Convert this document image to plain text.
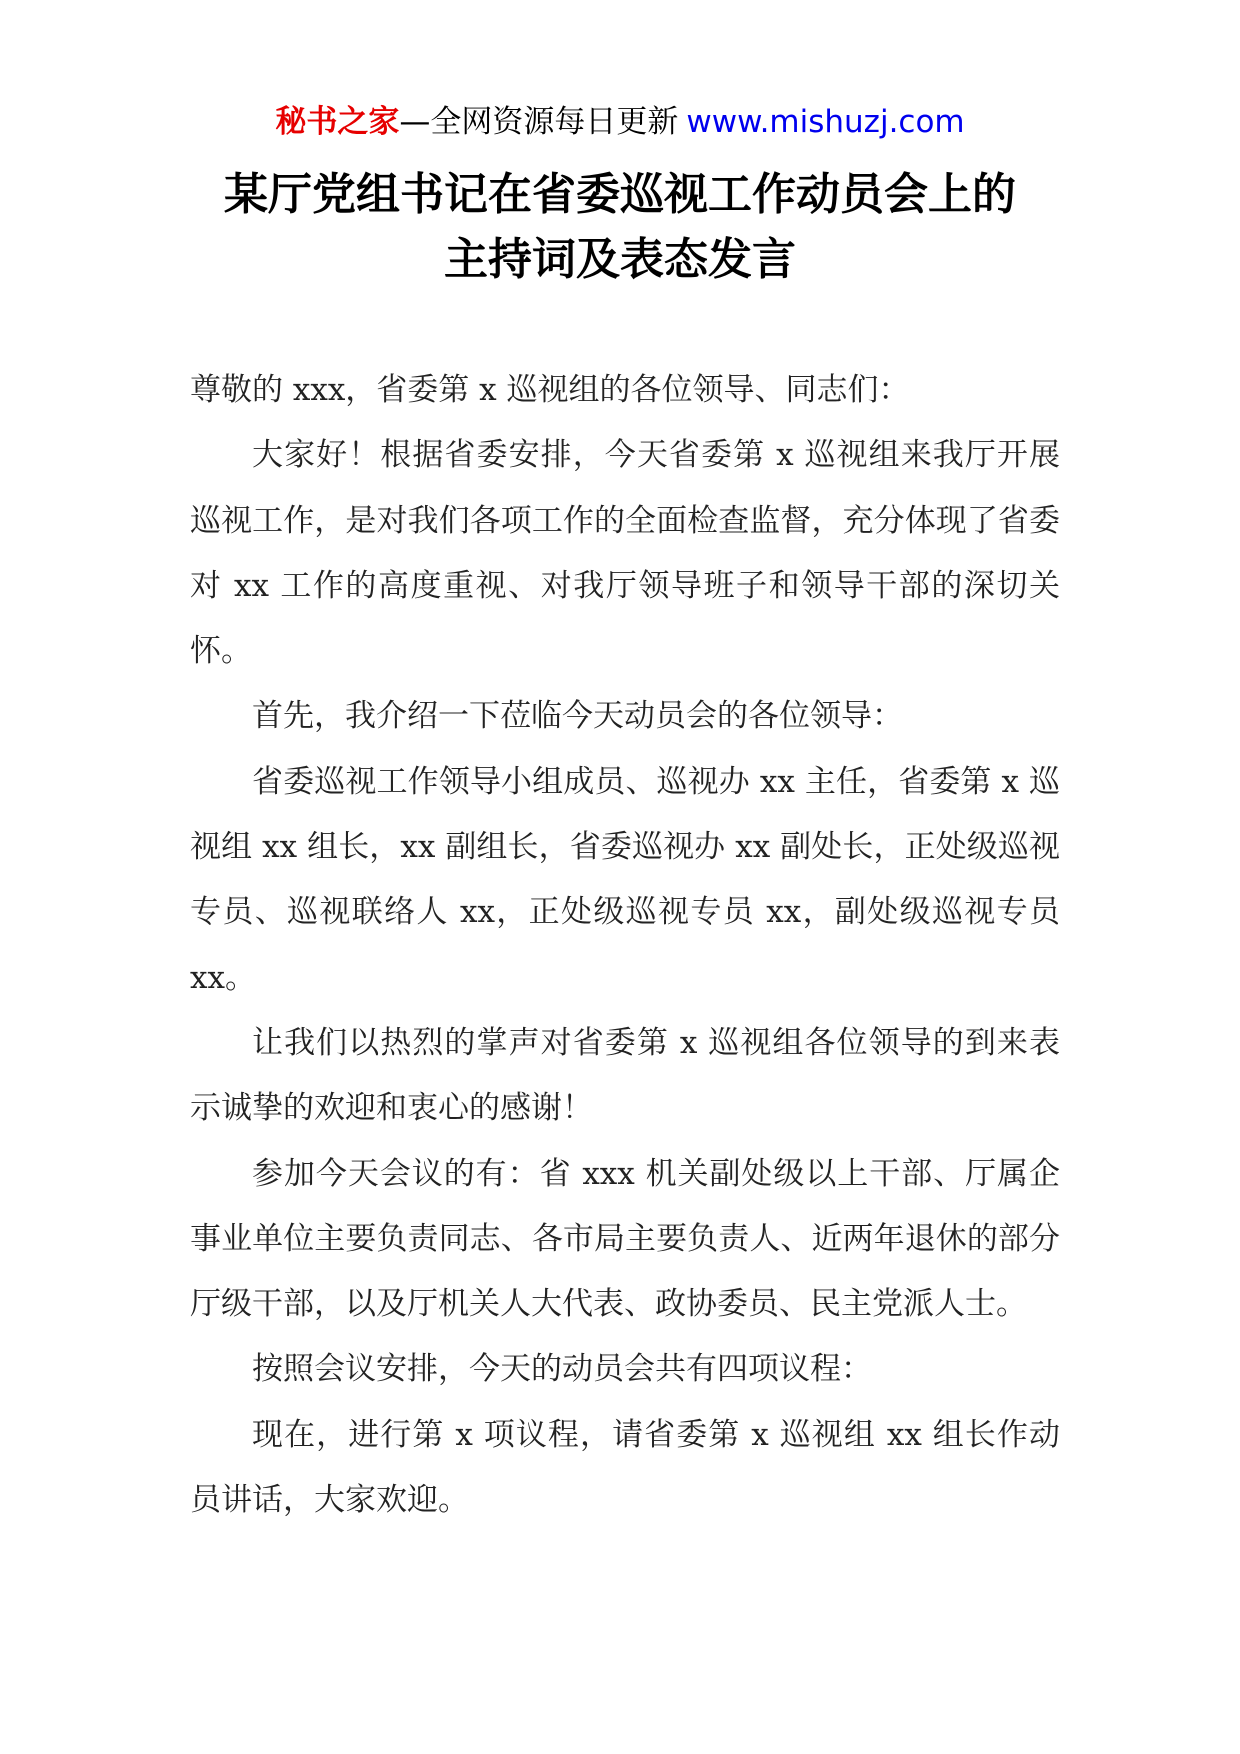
秘书之家—全网资源每日更新 www.mishuzj.com
某厅党组书记在省委巡视工作动员会上的
主持词及表态发言

尊敬的 xxx，省委第 x 巡视组的各位领导、同志们：

大家好！根据省委安排，今天省委第 x 巡视组来我厅开展巡视工作，是对我们各项工作的全面检查监督，充分体现了省委对 xx 工作的高度重视、对我厅领导班子和领导干部的深切关怀。

首先，我介绍一下莅临今天动员会的各位领导：

省委巡视工作领导小组成员、巡视办 xx 主任，省委第 x 巡视组 xx 组长，xx 副组长，省委巡视办 xx 副处长，正处级巡视专员、巡视联络人 xx，正处级巡视专员 xx，副处级巡视专员 xx。

让我们以热烈的掌声对省委第 x 巡视组各位领导的到来表示诚挚的欢迎和衷心的感谢！

参加今天会议的有：省 xxx 机关副处级以上干部、厅属企事业单位主要负责同志、各市局主要负责人、近两年退休的部分厅级干部，以及厅机关人大代表、政协委员、民主党派人士。

按照会议安排，今天的动员会共有四项议程：

现在，进行第 x 项议程，请省委第 x 巡视组 xx 组长作动员讲话，大家欢迎。
